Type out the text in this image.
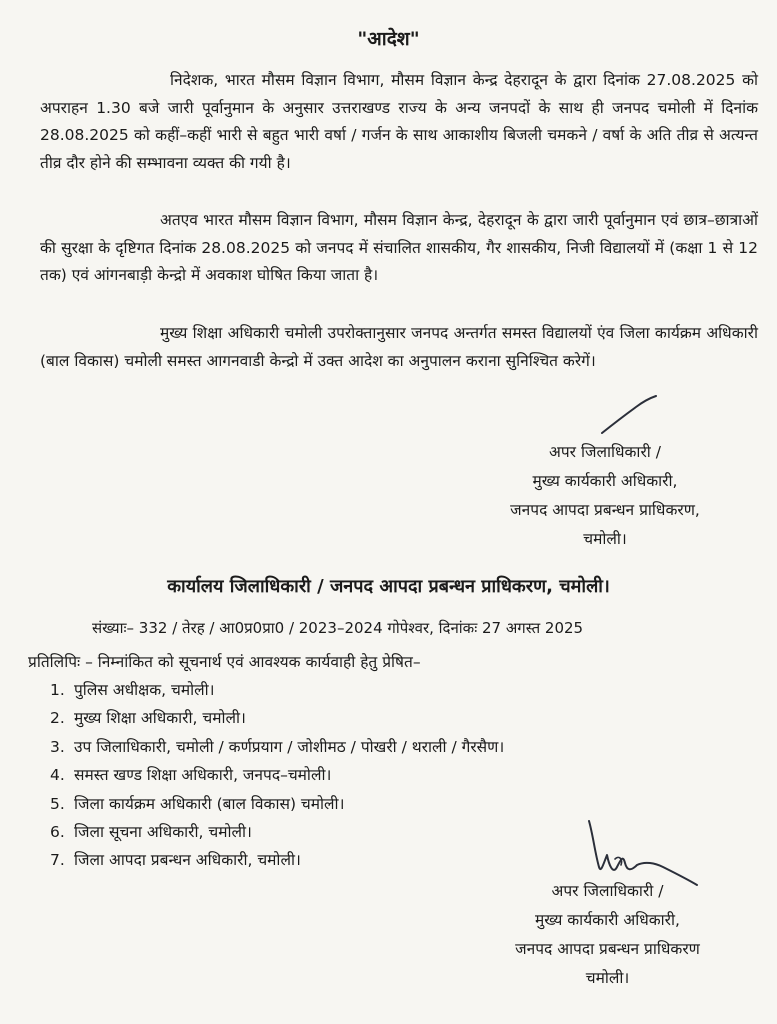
"आदेश"

निदेशक, भारत मौसम विज्ञान विभाग, मौसम विज्ञान केन्द्र देहरादून के द्वारा दिनांक 27.08.2025 को अपराहन 1.30 बजे जारी पूर्वानुमान के अनुसार उत्तराखण्ड राज्य के अन्य जनपदों के साथ ही जनपद चमोली में दिनांक 28.08.2025 को कहीं–कहीं भारी से बहुत भारी वर्षा / गर्जन के साथ आकाशीय बिजली चमकने / वर्षा के अति तीव्र से अत्यन्त तीव्र दौर होने की सम्भावना व्यक्त की गयी है।

अतएव भारत मौसम विज्ञान विभाग, मौसम विज्ञान केन्द्र, देहरादून के द्वारा जारी पूर्वानुमान एवं छात्र–छात्राओं की सुरक्षा के दृष्टिगत दिनांक 28.08.2025 को जनपद में संचालित शासकीय, गैर शासकीय, निजी विद्यालयों में (कक्षा 1 से 12 तक) एवं आंगनबाड़ी केन्द्रो में अवकाश घोषित किया जाता है।

मुख्य शिक्षा अधिकारी चमोली उपरोक्तानुसार जनपद अन्तर्गत समस्त विद्यालयों एंव जिला कार्यक्रम अधिकारी (बाल विकास) चमोली समस्त आगनवाडी केन्द्रो में उक्त आदेश का अनुपालन कराना सुनिश्चित करेगें।

अपर जिलाधिकारी /
मुख्य कार्यकारी अधिकारी,
जनपद आपदा प्रबन्धन प्राधिकरण,
चमोली।
कार्यालय जिलाधिकारी / जनपद आपदा प्रबन्धन प्राधिकरण, चमोली।
संख्याः– 332 / तेरह / आ0प्र0प्रा0 / 2023–2024 गोपेश्वर, दिनांकः 27 अगस्त 2025
प्रतिलिपिः – निम्नांकित को सूचनार्थ एवं आवश्यक कार्यवाही हेतु प्रेषित–
1. पुलिस अधीक्षक, चमोली।
2. मुख्य शिक्षा अधिकारी, चमोली।
3. उप जिलाधिकारी, चमोली / कर्णप्रयाग / जोशीमठ / पोखरी / थराली / गैरसैण।
4. समस्त खण्ड शिक्षा अधिकारी, जनपद–चमोली।
5. जिला कार्यक्रम अधिकारी (बाल विकास) चमोली।
6. जिला सूचना अधिकारी, चमोली।
7. जिला आपदा प्रबन्धन अधिकारी, चमोली।
अपर जिलाधिकारी /
मुख्य कार्यकारी अधिकारी,
जनपद आपदा प्रबन्धन प्राधिकरण
चमोली।
